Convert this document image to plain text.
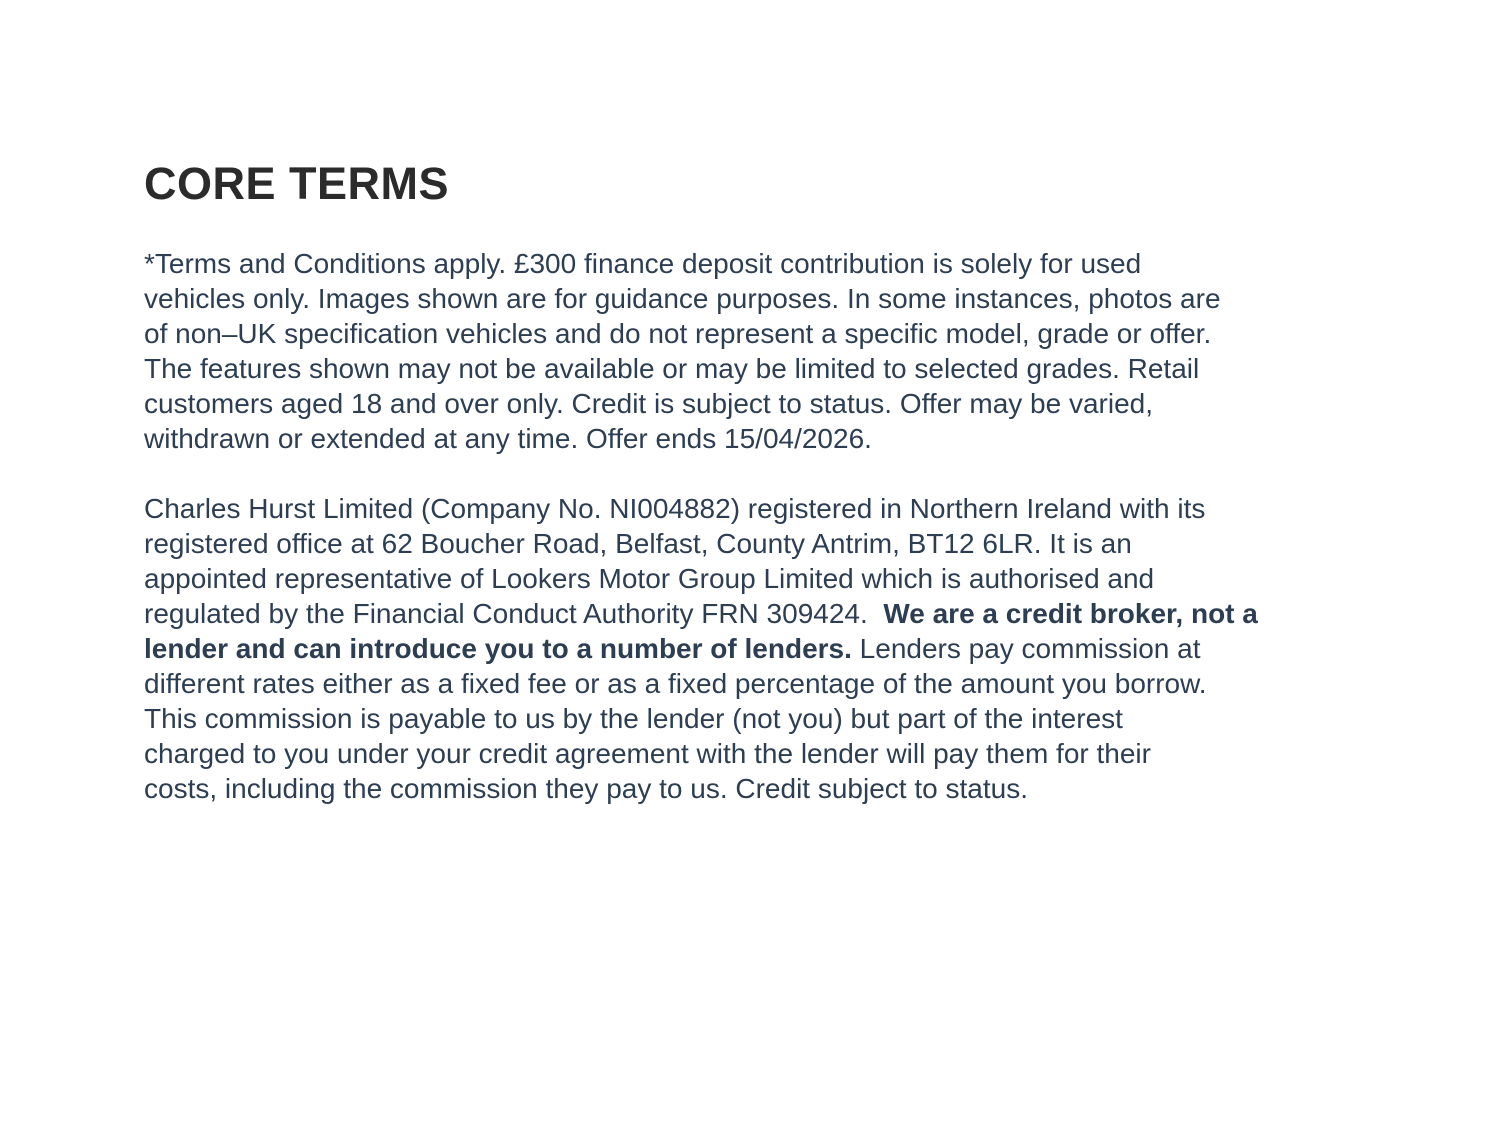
CORE TERMS

*Terms and Conditions apply. £300 finance deposit contribution is solely for used
vehicles only. Images shown are for guidance purposes. In some instances, photos are
of non–UK specification vehicles and do not represent a specific model, grade or offer.
The features shown may not be available or may be limited to selected grades. Retail
customers aged 18 and over only. Credit is subject to status. Offer may be varied,
withdrawn or extended at any time. Offer ends 15/04/2026.

Charles Hurst Limited (Company No. NI004882) registered in Northern Ireland with its
registered office at 62 Boucher Road, Belfast, County Antrim, BT12 6LR. It is an
appointed representative of Lookers Motor Group Limited which is authorised and
regulated by the Financial Conduct Authority FRN 309424.  We are a credit broker, not a
lender and can introduce you to a number of lenders. Lenders pay commission at
different rates either as a fixed fee or as a fixed percentage of the amount you borrow.
This commission is payable to us by the lender (not you) but part of the interest
charged to you under your credit agreement with the lender will pay them for their
costs, including the commission they pay to us. Credit subject to status.
